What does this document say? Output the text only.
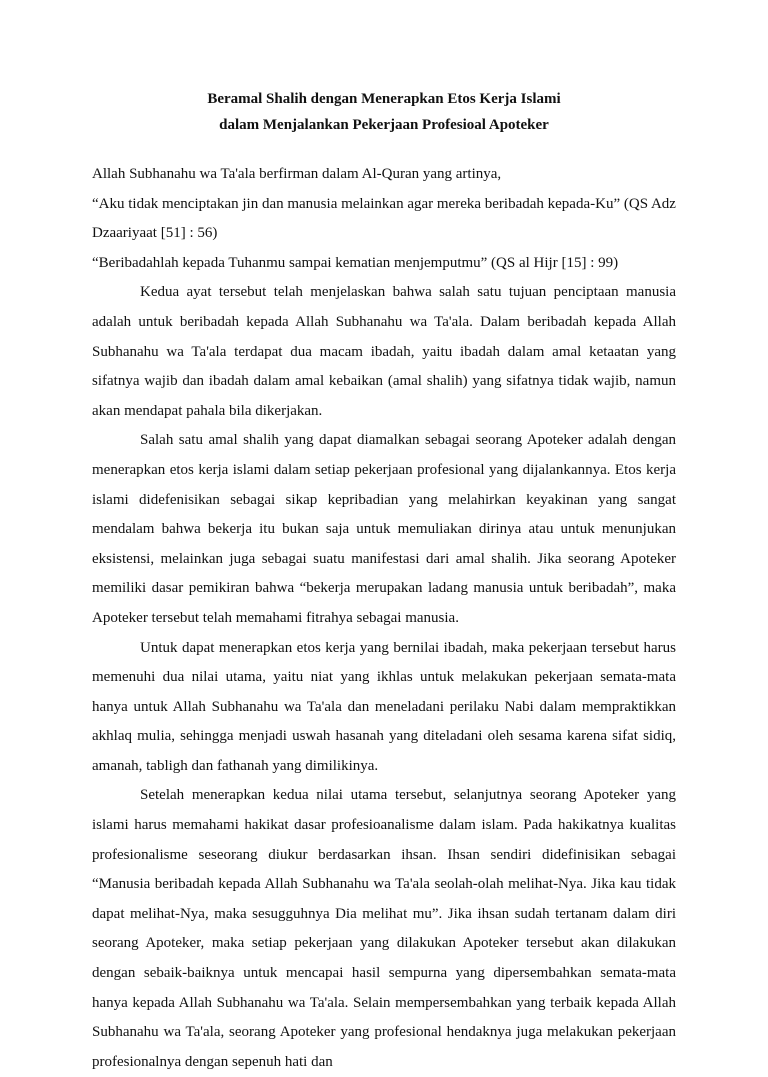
Beramal Shalih dengan Menerapkan Etos Kerja Islami

dalam Menjalankan Pekerjaan Profesioal Apoteker

Allah Subhanahu wa Ta'ala berfirman dalam Al-Quran yang artinya,

“Aku tidak menciptakan jin dan manusia melainkan agar mereka beribadah kepada-Ku” (QS Adz Dzaariyaat [51] : 56)

“Beribadahlah kepada Tuhanmu sampai kematian menjemputmu” (QS al Hijr [15] : 99)

Kedua ayat tersebut telah menjelaskan bahwa salah satu tujuan penciptaan manusia adalah untuk beribadah kepada Allah Subhanahu wa Ta'ala. Dalam beribadah kepada Allah Subhanahu wa Ta'ala terdapat dua macam ibadah, yaitu ibadah dalam amal ketaatan yang sifatnya wajib dan ibadah dalam amal kebaikan (amal shalih) yang sifatnya tidak wajib, namun akan mendapat pahala bila dikerjakan.

Salah satu amal shalih yang dapat diamalkan sebagai seorang Apoteker adalah dengan menerapkan etos kerja islami dalam setiap pekerjaan profesional yang dijalankannya. Etos kerja islami didefenisikan sebagai sikap kepribadian yang melahirkan keyakinan yang sangat mendalam bahwa bekerja itu bukan saja untuk memuliakan dirinya atau untuk menunjukan eksistensi, melainkan juga sebagai suatu manifestasi dari amal shalih. Jika seorang Apoteker memiliki dasar pemikiran bahwa “bekerja merupakan ladang manusia untuk beribadah”, maka Apoteker tersebut telah memahami fitrahya sebagai manusia.

Untuk dapat menerapkan etos kerja yang bernilai ibadah, maka pekerjaan tersebut harus memenuhi dua nilai utama, yaitu niat yang ikhlas untuk melakukan pekerjaan semata-mata hanya untuk Allah Subhanahu wa Ta'ala dan meneladani perilaku Nabi dalam mempraktikkan akhlaq mulia, sehingga menjadi uswah hasanah yang diteladani oleh sesama karena sifat sidiq, amanah, tabligh dan fathanah yang dimilikinya.

Setelah menerapkan kedua nilai utama tersebut, selanjutnya seorang Apoteker yang islami harus memahami hakikat dasar profesioanalisme dalam islam. Pada hakikatnya kualitas profesionalisme seseorang diukur berdasarkan ihsan. Ihsan sendiri didefinisikan sebagai “Manusia beribadah kepada Allah Subhanahu wa Ta'ala seolah-olah melihat-Nya. Jika kau tidak dapat melihat-Nya, maka sesugguhnya Dia melihat mu”. Jika ihsan sudah tertanam dalam diri seorang Apoteker, maka setiap pekerjaan yang dilakukan Apoteker tersebut akan dilakukan dengan sebaik-baiknya untuk mencapai hasil sempurna yang dipersembahkan semata-mata hanya kepada Allah Subhanahu wa Ta'ala. Selain mempersembahkan yang terbaik kepada Allah Subhanahu wa Ta'ala, seorang Apoteker yang profesional hendaknya juga melakukan pekerjaan profesionalnya dengan sepenuh hati dan
